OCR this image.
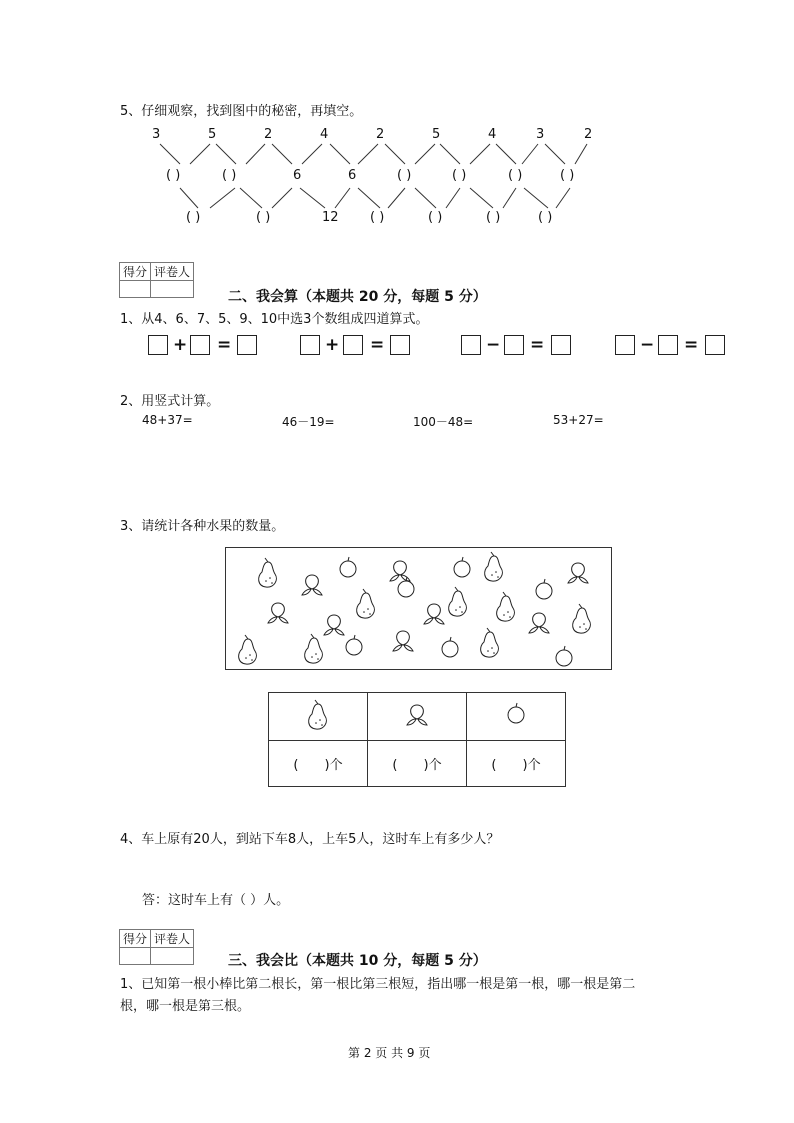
5、仔细观察，找到图中的秘密，再填空。
3	5	2	4	2	5	4	3	2
( )	( )	6	6	( )	( )	( )	( )
( )	( )	12 ( )	( )	( )	( )
得分	评卷人

二、我会算（本题共 20 分，每题 5 分）
1、从4、6、7、5、9、10中选3个数组成四道算式。
+ =	+ =	− =	− =
2、用竖式计算。
48+37=	46－19=	100－48=	53+27=
3、请统计各种水果的数量。

(　　)个	(　　)个	(　　)个
4、车上原有20人，到站下车8人，上车5人，这时车上有多少人？
答：这时车上有（ ）人。
得分	评卷人

三、我会比（本题共 10 分，每题 5 分）
1、已知第一根小棒比第二根长，第一根比第三根短，指出哪一根是第一根，哪一根是第二
根，哪一根是第三根。
第 2 页 共 9 页
